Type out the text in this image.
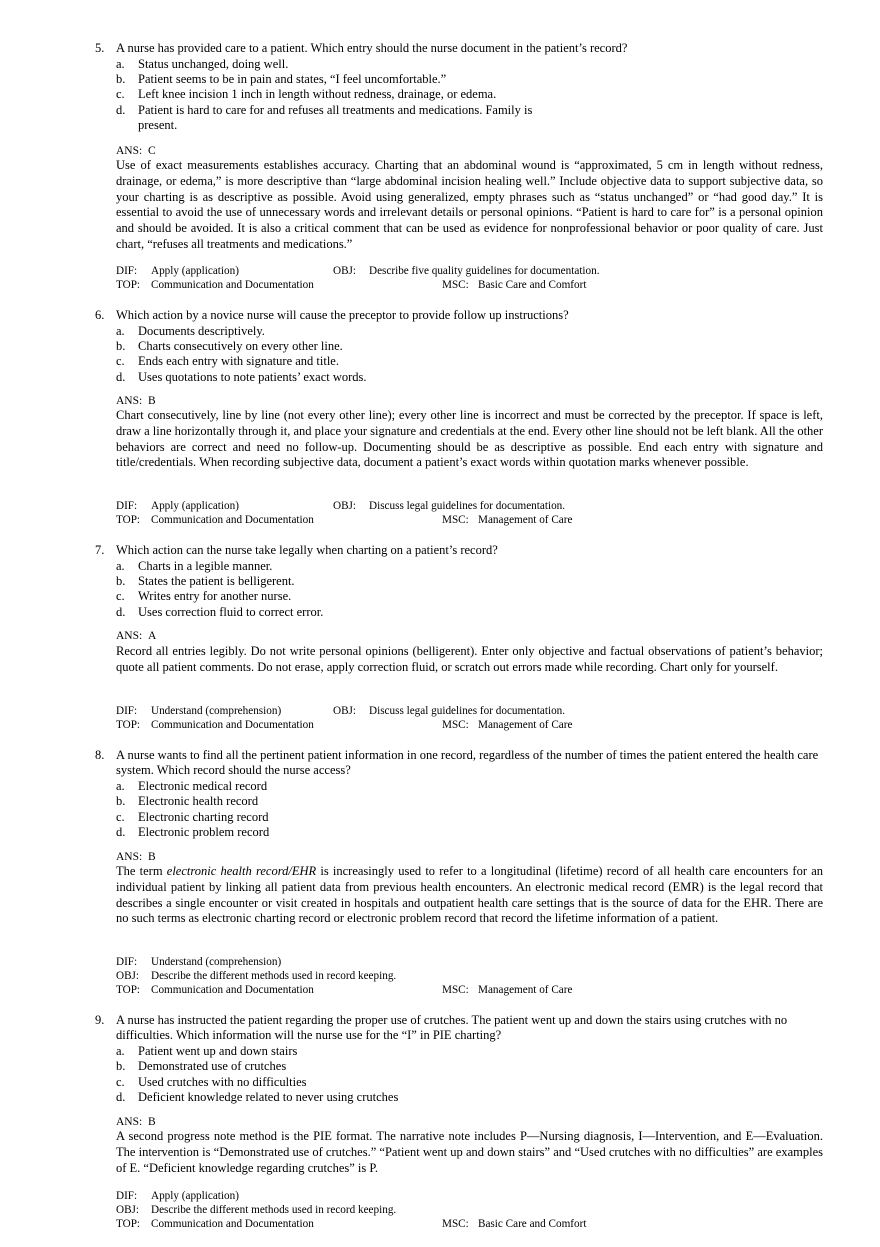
5. A nurse has provided care to a patient. Which entry should the nurse document in the patient’s record?
a. Status unchanged, doing well.
b. Patient seems to be in pain and states, “I feel uncomfortable.”
c. Left knee incision 1 inch in length without redness, drainage, or edema.
d. Patient is hard to care for and refuses all treatments and medications. Family is present.
ANS: C
Use of exact measurements establishes accuracy. Charting that an abdominal wound is “approximated, 5 cm in length without redness, drainage, or edema,” is more descriptive than “large abdominal incision healing well.” Include objective data to support subjective data, so your charting is as descriptive as possible. Avoid using generalized, empty phrases such as “status unchanged” or “had good day.” It is essential to avoid the use of unnecessary words and irrelevant details or personal opinions. “Patient is hard to care for” is a personal opinion and should be avoided. It is also a critical comment that can be used as evidence for nonprofessional behavior or poor quality of care. Just chart, “refuses all treatments and medications.”
DIF: Apply (application)	OBJ: Describe five quality guidelines for documentation.
TOP: Communication and Documentation	MSC: Basic Care and Comfort
6. Which action by a novice nurse will cause the preceptor to provide follow up instructions?
a. Documents descriptively.
b. Charts consecutively on every other line.
c. Ends each entry with signature and title.
d. Uses quotations to note patients’ exact words.
ANS: B
Chart consecutively, line by line (not every other line); every other line is incorrect and must be corrected by the preceptor. If space is left, draw a line horizontally through it, and place your signature and credentials at the end. Every other line should not be left blank. All the other behaviors are correct and need no follow-up. Documenting should be as descriptive as possible. End each entry with signature and title/credentials. When recording subjective data, document a patient’s exact words within quotation marks whenever possible.
DIF: Apply (application)	OBJ: Discuss legal guidelines for documentation.
TOP: Communication and Documentation	MSC: Management of Care
7. Which action can the nurse take legally when charting on a patient’s record?
a. Charts in a legible manner.
b. States the patient is belligerent.
c. Writes entry for another nurse.
d. Uses correction fluid to correct error.
ANS: A
Record all entries legibly. Do not write personal opinions (belligerent). Enter only objective and factual observations of patient’s behavior; quote all patient comments. Do not erase, apply correction fluid, or scratch out errors made while recording. Chart only for yourself.
DIF: Understand (comprehension)	OBJ: Discuss legal guidelines for documentation.
TOP: Communication and Documentation	MSC: Management of Care
8. A nurse wants to find all the pertinent patient information in one record, regardless of the number of times the patient entered the health care system. Which record should the nurse access?
a. Electronic medical record
b. Electronic health record
c. Electronic charting record
d. Electronic problem record
ANS: B
The term electronic health record/EHR is increasingly used to refer to a longitudinal (lifetime) record of all health care encounters for an individual patient by linking all patient data from previous health encounters. An electronic medical record (EMR) is the legal record that describes a single encounter or visit created in hospitals and outpatient health care settings that is the source of data for the EHR. There are no such terms as electronic charting record or electronic problem record that record the lifetime information of a patient.
DIF: Understand (comprehension)
OBJ: Describe the different methods used in record keeping.
TOP: Communication and Documentation	MSC: Management of Care
9. A nurse has instructed the patient regarding the proper use of crutches. The patient went up and down the stairs using crutches with no difficulties. Which information will the nurse use for the “I” in PIE charting?
a. Patient went up and down stairs
b. Demonstrated use of crutches
c. Used crutches with no difficulties
d. Deficient knowledge related to never using crutches
ANS: B
A second progress note method is the PIE format. The narrative note includes P—Nursing diagnosis, I—Intervention, and E—Evaluation. The intervention is “Demonstrated use of crutches.” “Patient went up and down stairs” and “Used crutches with no difficulties” are examples of E. “Deficient knowledge regarding crutches” is P.
DIF: Apply (application)
OBJ: Describe the different methods used in record keeping.
TOP: Communication and Documentation	MSC: Basic Care and Comfort
